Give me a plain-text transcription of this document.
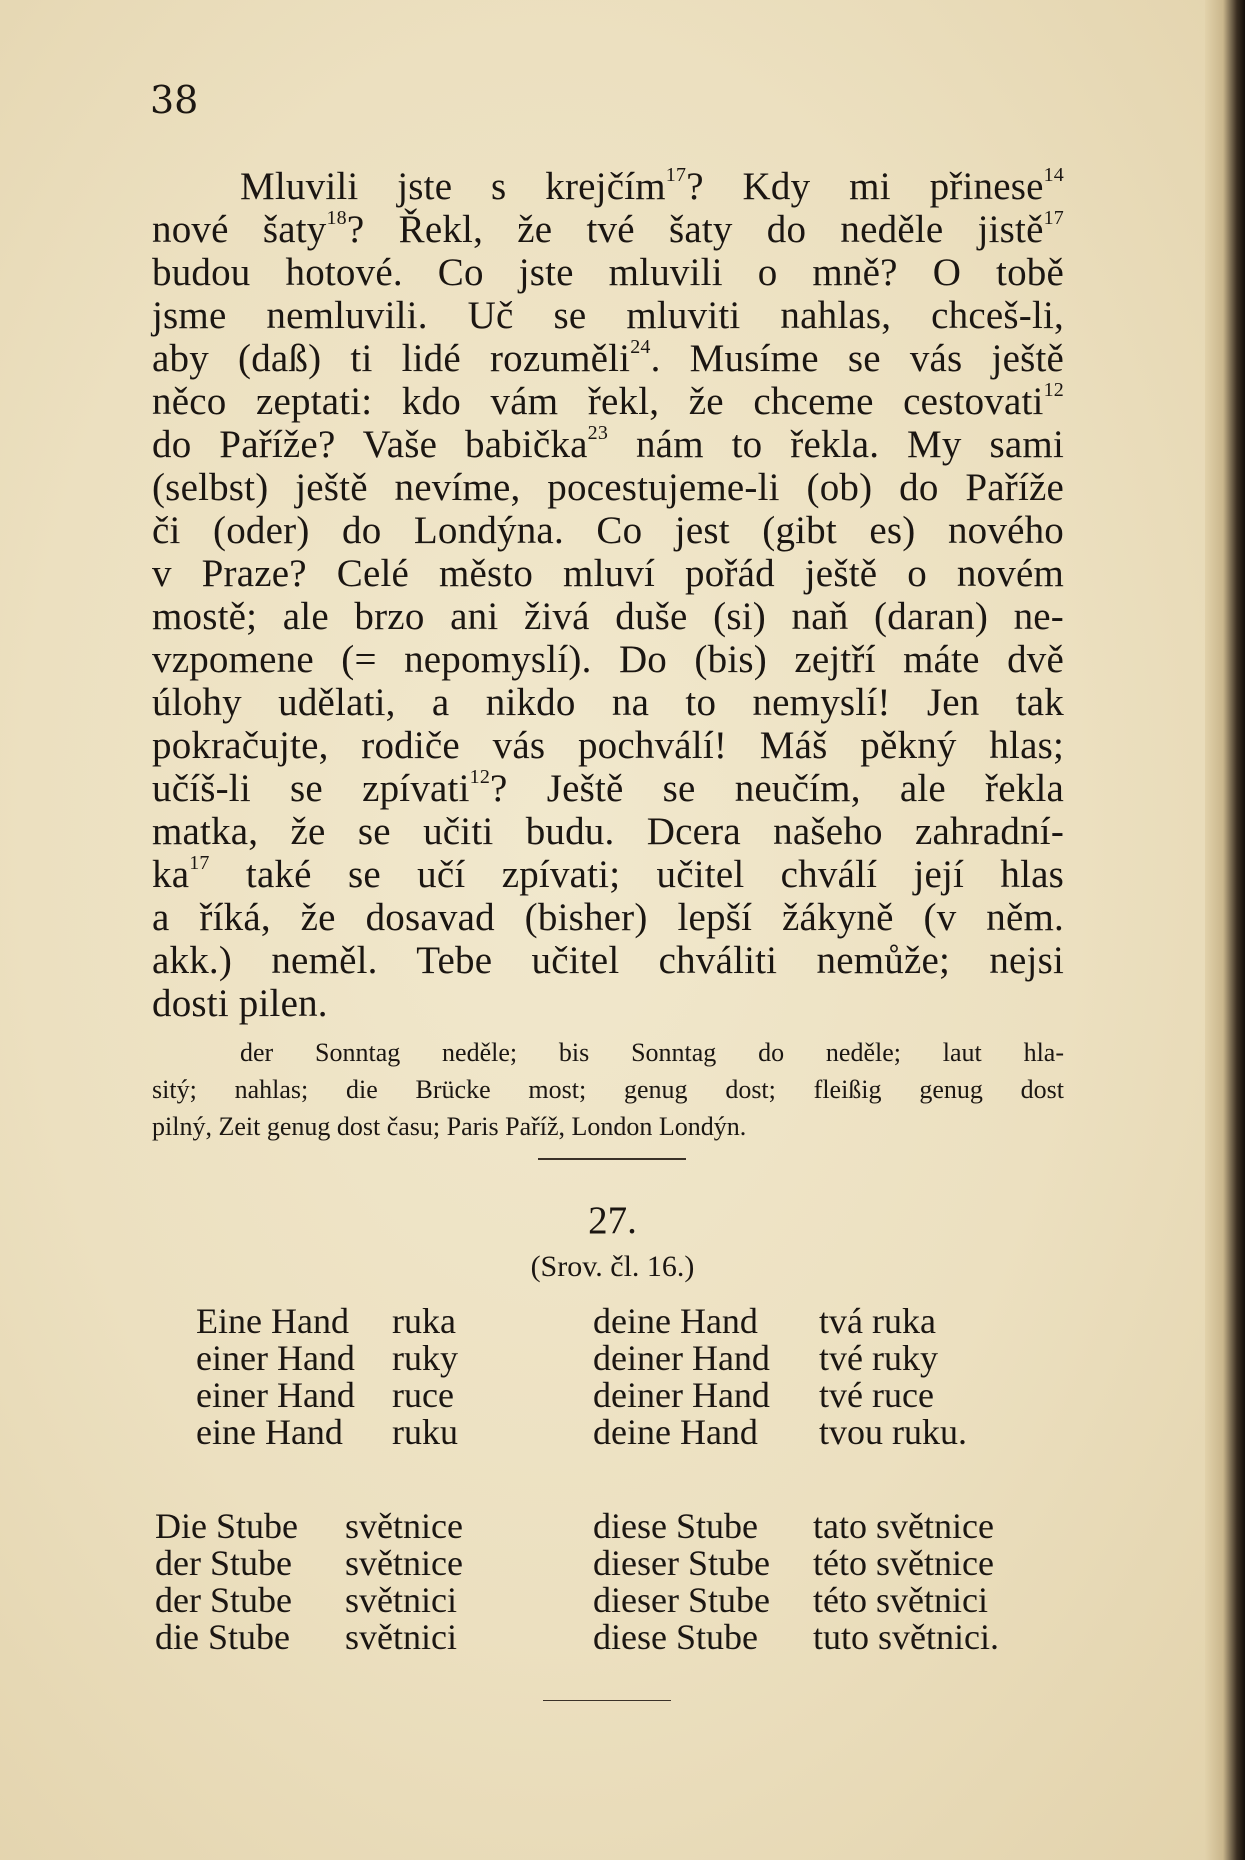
38
Mluvili jste s krejčím$^{17}$? Kdy mi přinese$^{14}$
nové šaty$^{18}$? Řekl, že tvé šaty do neděle jistě$^{17}$
budou hotové. Co jste mluvili o mně? O tobě
jsme nemluvili. Uč se mluviti nahlas, chceš-li,
aby (daß) ti lidé rozuměli$^{24}$. Musíme se vás ještě
něco zeptati: kdo vám řekl, že chceme cestovati$^{12}$
do Paříže? Vaše babička$^{23}$ nám to řekla. My sami
(selbst) ještě nevíme, pocestujeme-li (ob) do Paříže
či (oder) do Londýna. Co jest (gibt es) nového
v Praze? Celé město mluví pořád ještě o novém
mostě; ale brzo ani živá duše (si) naň (daran) ne-
vzpomene (= nepomyslí). Do (bis) zejtří máte dvě
úlohy udělati, a nikdo na to nemyslí! Jen tak
pokračujte, rodiče vás pochválí! Máš pěkný hlas;
učíš-li se zpívati$^{12}$? Ještě se neučím, ale řekla
matka, že se učiti budu. Dcera našeho zahradní-
$ka^{17}$ také se učí zpívati; učitel chválí její hlas
a říká, že dosavad (bisher) lepší žákyně (v něm.
akk.) neměl. Tebe učitel chváliti nemůže; nejsi
dosti pilen.
der Sonntag neděle; bis Sonntag do neděle; laut hla-
sitý; nahlas; die Brücke most; genug dost; fleißig genug dost
pilný, Zeit genug dost času; Paris Paříž, London Londýn.
27.
(Srov. čl. 16.)
Eine Hand ruka	deine Hand tvá ruka
einer Hand ruky	deiner Hand tvé ruky
einer Hand ruce	deiner Hand tvé ruce
eine Hand ruku	deine Hand tvou ruku.
Die Stube světnice	diese Stube tato světnice
der Stube světnice	dieser Stube této světnice
der Stube světnici	dieser Stube této světnici
die Stube světnici	diese Stube tuto světnici.
